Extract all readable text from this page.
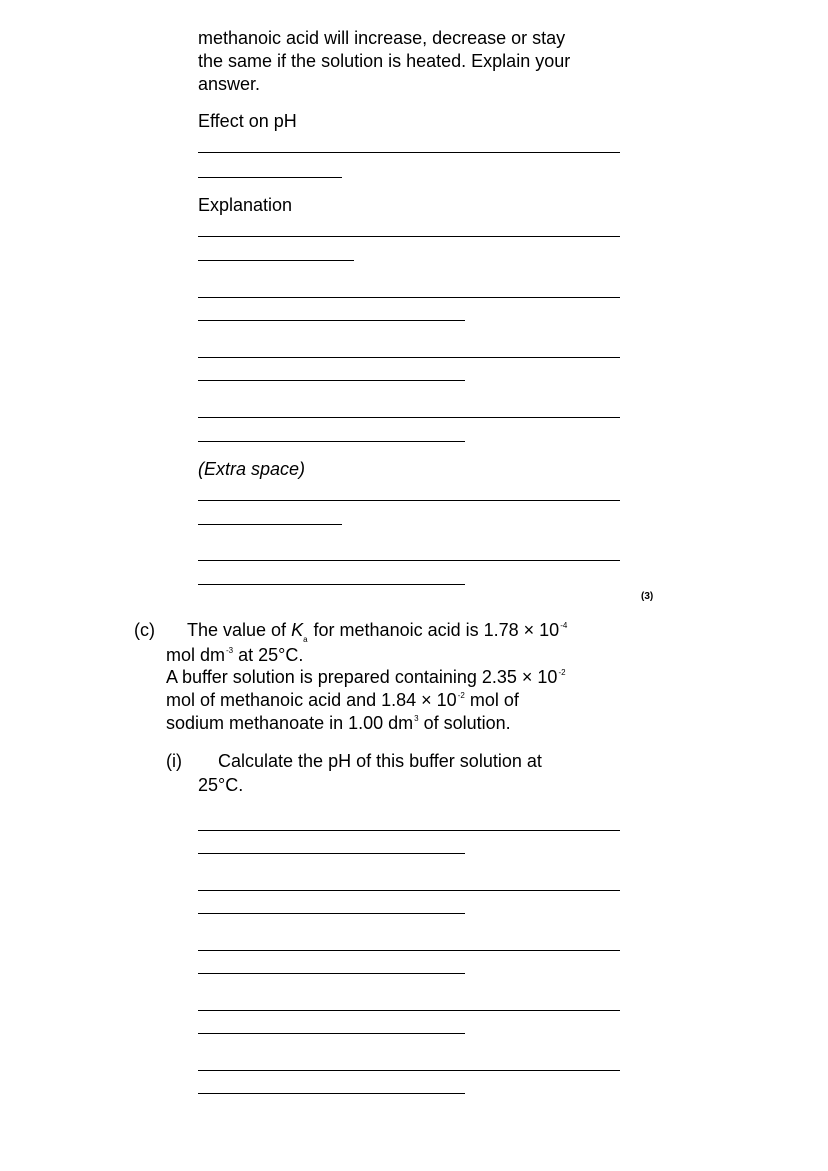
methanoic acid will increase, decrease or stay
the same if the solution is heated. Explain your
answer.
Effect on pH
Explanation
(Extra space)
(3)
(c) The value of $K_a$ for methanoic acid is $1.78 \times 10^{-4}$
mol $dm^{-3}$ at 25°C.
A buffer solution is prepared containing $2.35 \times 10^{-2}$
mol of methanoic acid and $1.84 \times 10^{-2}$ mol of
sodium methanoate in 1.00 $dm^3$ of solution.
(i) Calculate the pH of this buffer solution at
25°C.
